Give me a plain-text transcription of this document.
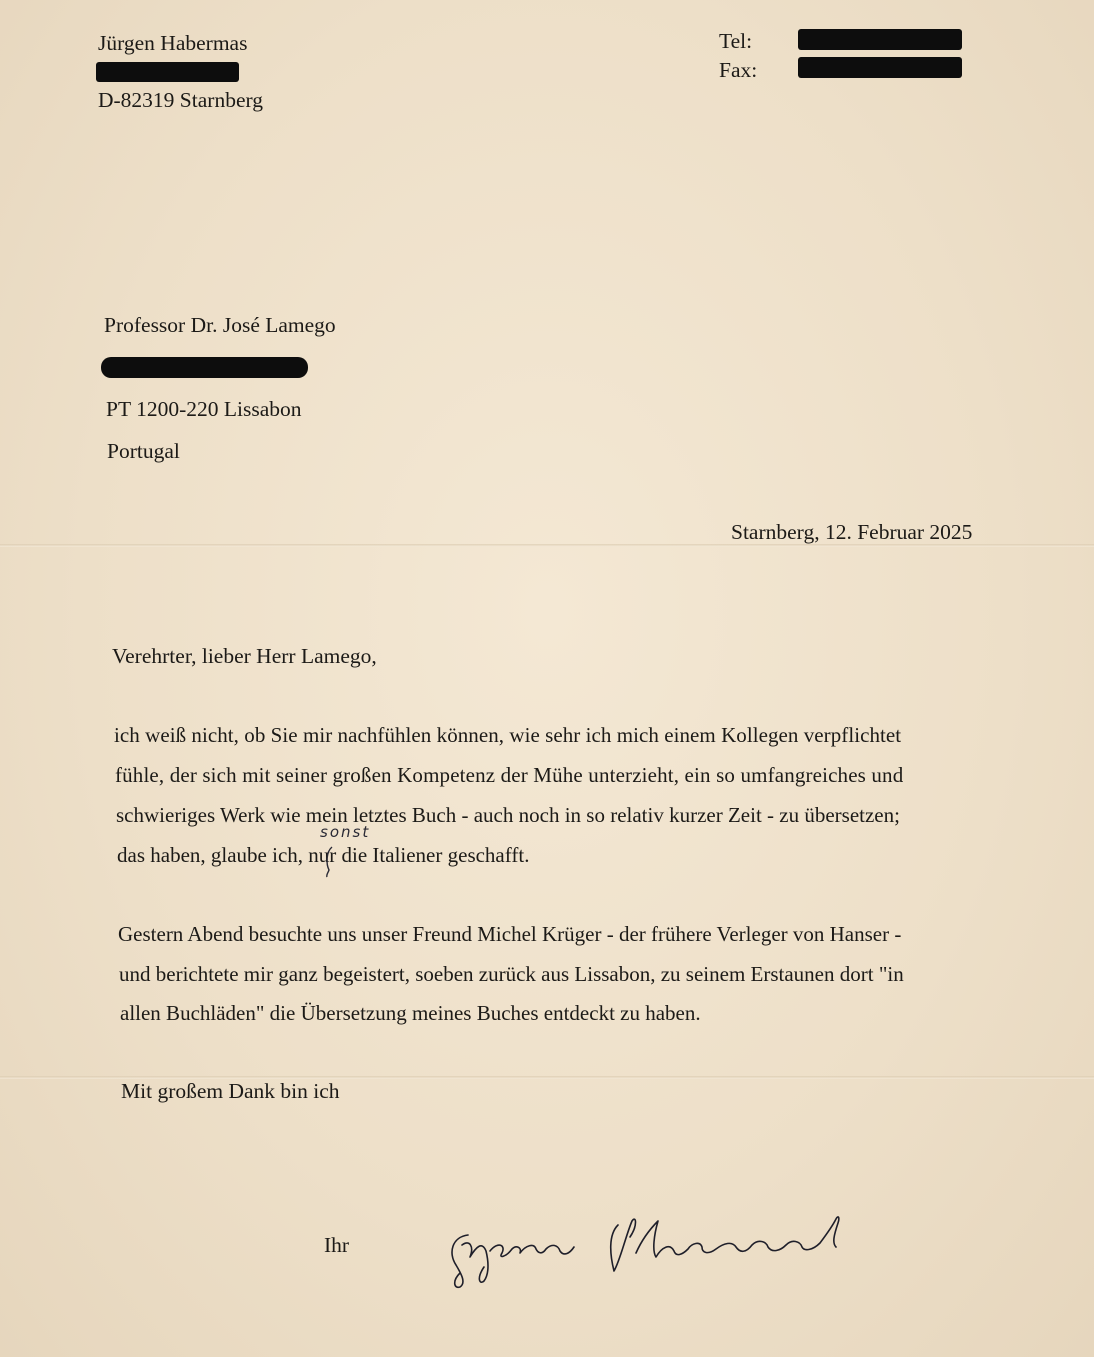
Jürgen Habermas
D-82319 Starnberg
Tel:
Fax:
Professor Dr. José Lamego
PT 1200-220 Lissabon
Portugal
Starnberg, 12. Februar 2025
Verehrter, lieber Herr Lamego,
ich weiß nicht, ob Sie mir nachfühlen können, wie sehr ich mich einem Kollegen verpflichtet
fühle, der sich mit seiner großen Kompetenz der Mühe unterzieht, ein so umfangreiches und
schwieriges Werk wie mein letztes Buch - auch noch in so relativ kurzer Zeit - zu übersetzen;
das haben, glaube ich, nur die Italiener geschafft.
sonst
Gestern Abend besuchte uns unser Freund Michel Krüger - der frühere Verleger von Hanser -
und berichtete mir ganz begeistert, soeben zurück aus Lissabon, zu seinem Erstaunen dort "in
allen Buchläden" die Übersetzung meines Buches entdeckt zu haben.
Mit großem Dank bin ich
Ihr
